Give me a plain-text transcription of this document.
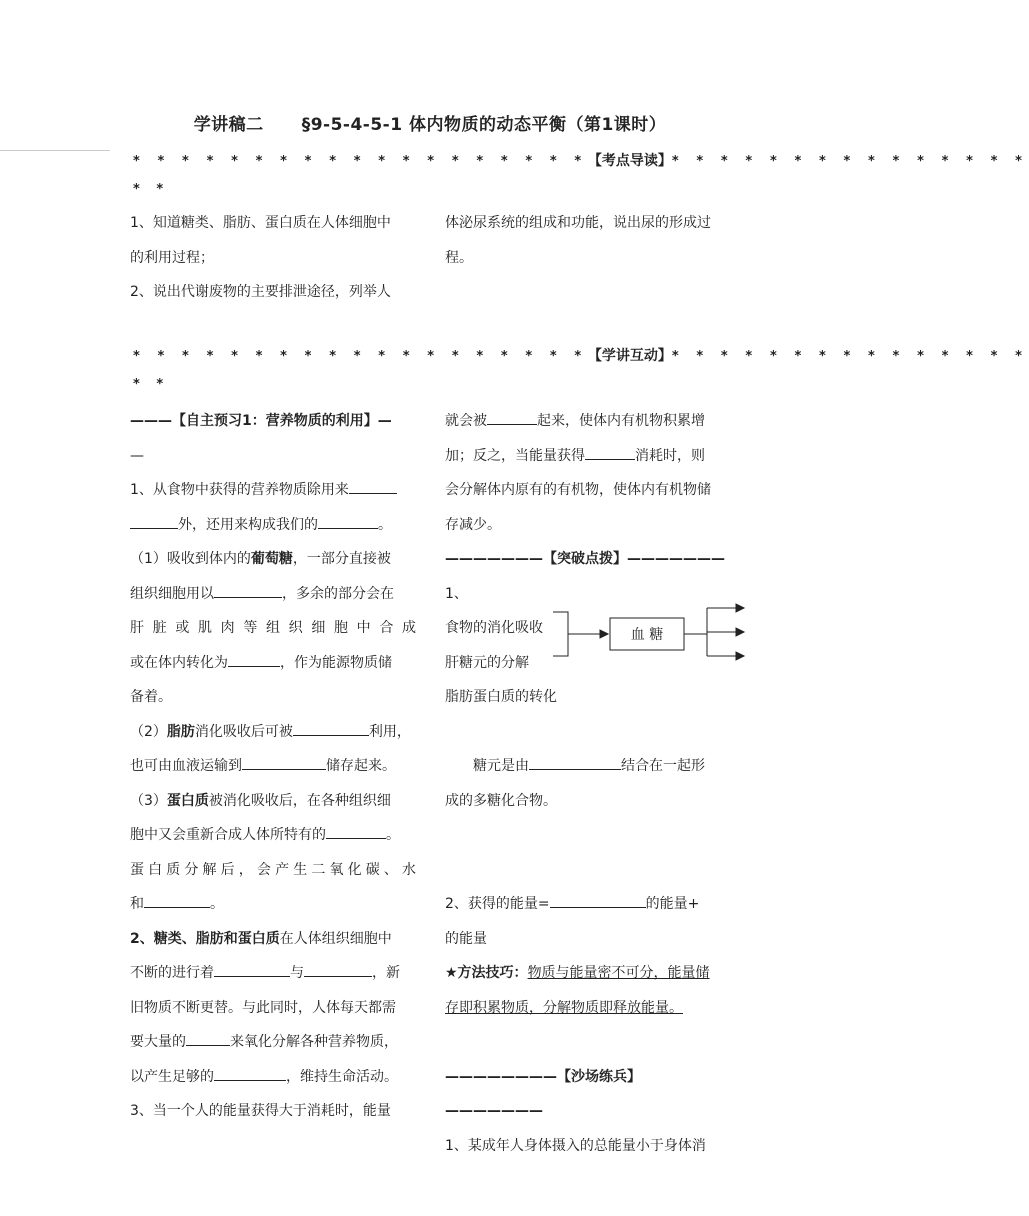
学讲稿二 §9-5-4-5-1 体内物质的动态平衡（第1课时）
* * * * * * * * * * * * * * * * * * *【考点导读】* * * * * * * * * * * * * * *
* *

1、知道糖类、脂肪、蛋白质在人体细胞中

的利用过程；

2、说出代谢废物的主要排泄途径，列举人

体泌尿系统的组成和功能，说出尿的形成过

程。

* * * * * * * * * * * * * * * * * * *【学讲互动】* * * * * * * * * * * * * * *
* *

———【自主预习1：营养物质的利用】—

—

1、从食物中获得的营养物质除用来

外，还用来构成我们的	。

（1）吸收到体内的葡萄糖，一部分直接被

组织细胞用以	，多余的部分会在

肝脏或肌肉等组织细胞中合成

或在体内转化为	，作为能源物质储

备着。

（2）脂肪消化吸收后可被	利用，

也可由血液运输到	储存起来。

（3）蛋白质被消化吸收后，在各种组织细

胞中又会重新合成人体所特有的	。

蛋白质分解后，会产生二氧化碳、水

和	。

2、糖类、脂肪和蛋白质在人体组织细胞中

不断的进行着	与	，新

旧物质不断更替。与此同时，人体每天都需

要大量的	来氧化分解各种营养物质，

以产生足够的	，维持生命活动。

3、当一个人的能量获得大于消耗时，能量

就会被	起来，使体内有机物积累增

加；反之，当能量获得	消耗时，则

会分解体内原有的有机物，使体内有机物储

存减少。

———————【突破点拨】———————

1、

食物的消化吸收

肝糖元的分解

脂肪蛋白质的转化

糖元是由	结合在一起形

成的多糖化合物。

2、获得的能量=	的能量+

的能量

★方法技巧：物质与能量密不可分，能量储

存即积累物质，分解物质即释放能量。

————————【沙场练兵】———————

1、某成年人身体摄入的总能量小于身体消

血 糖
